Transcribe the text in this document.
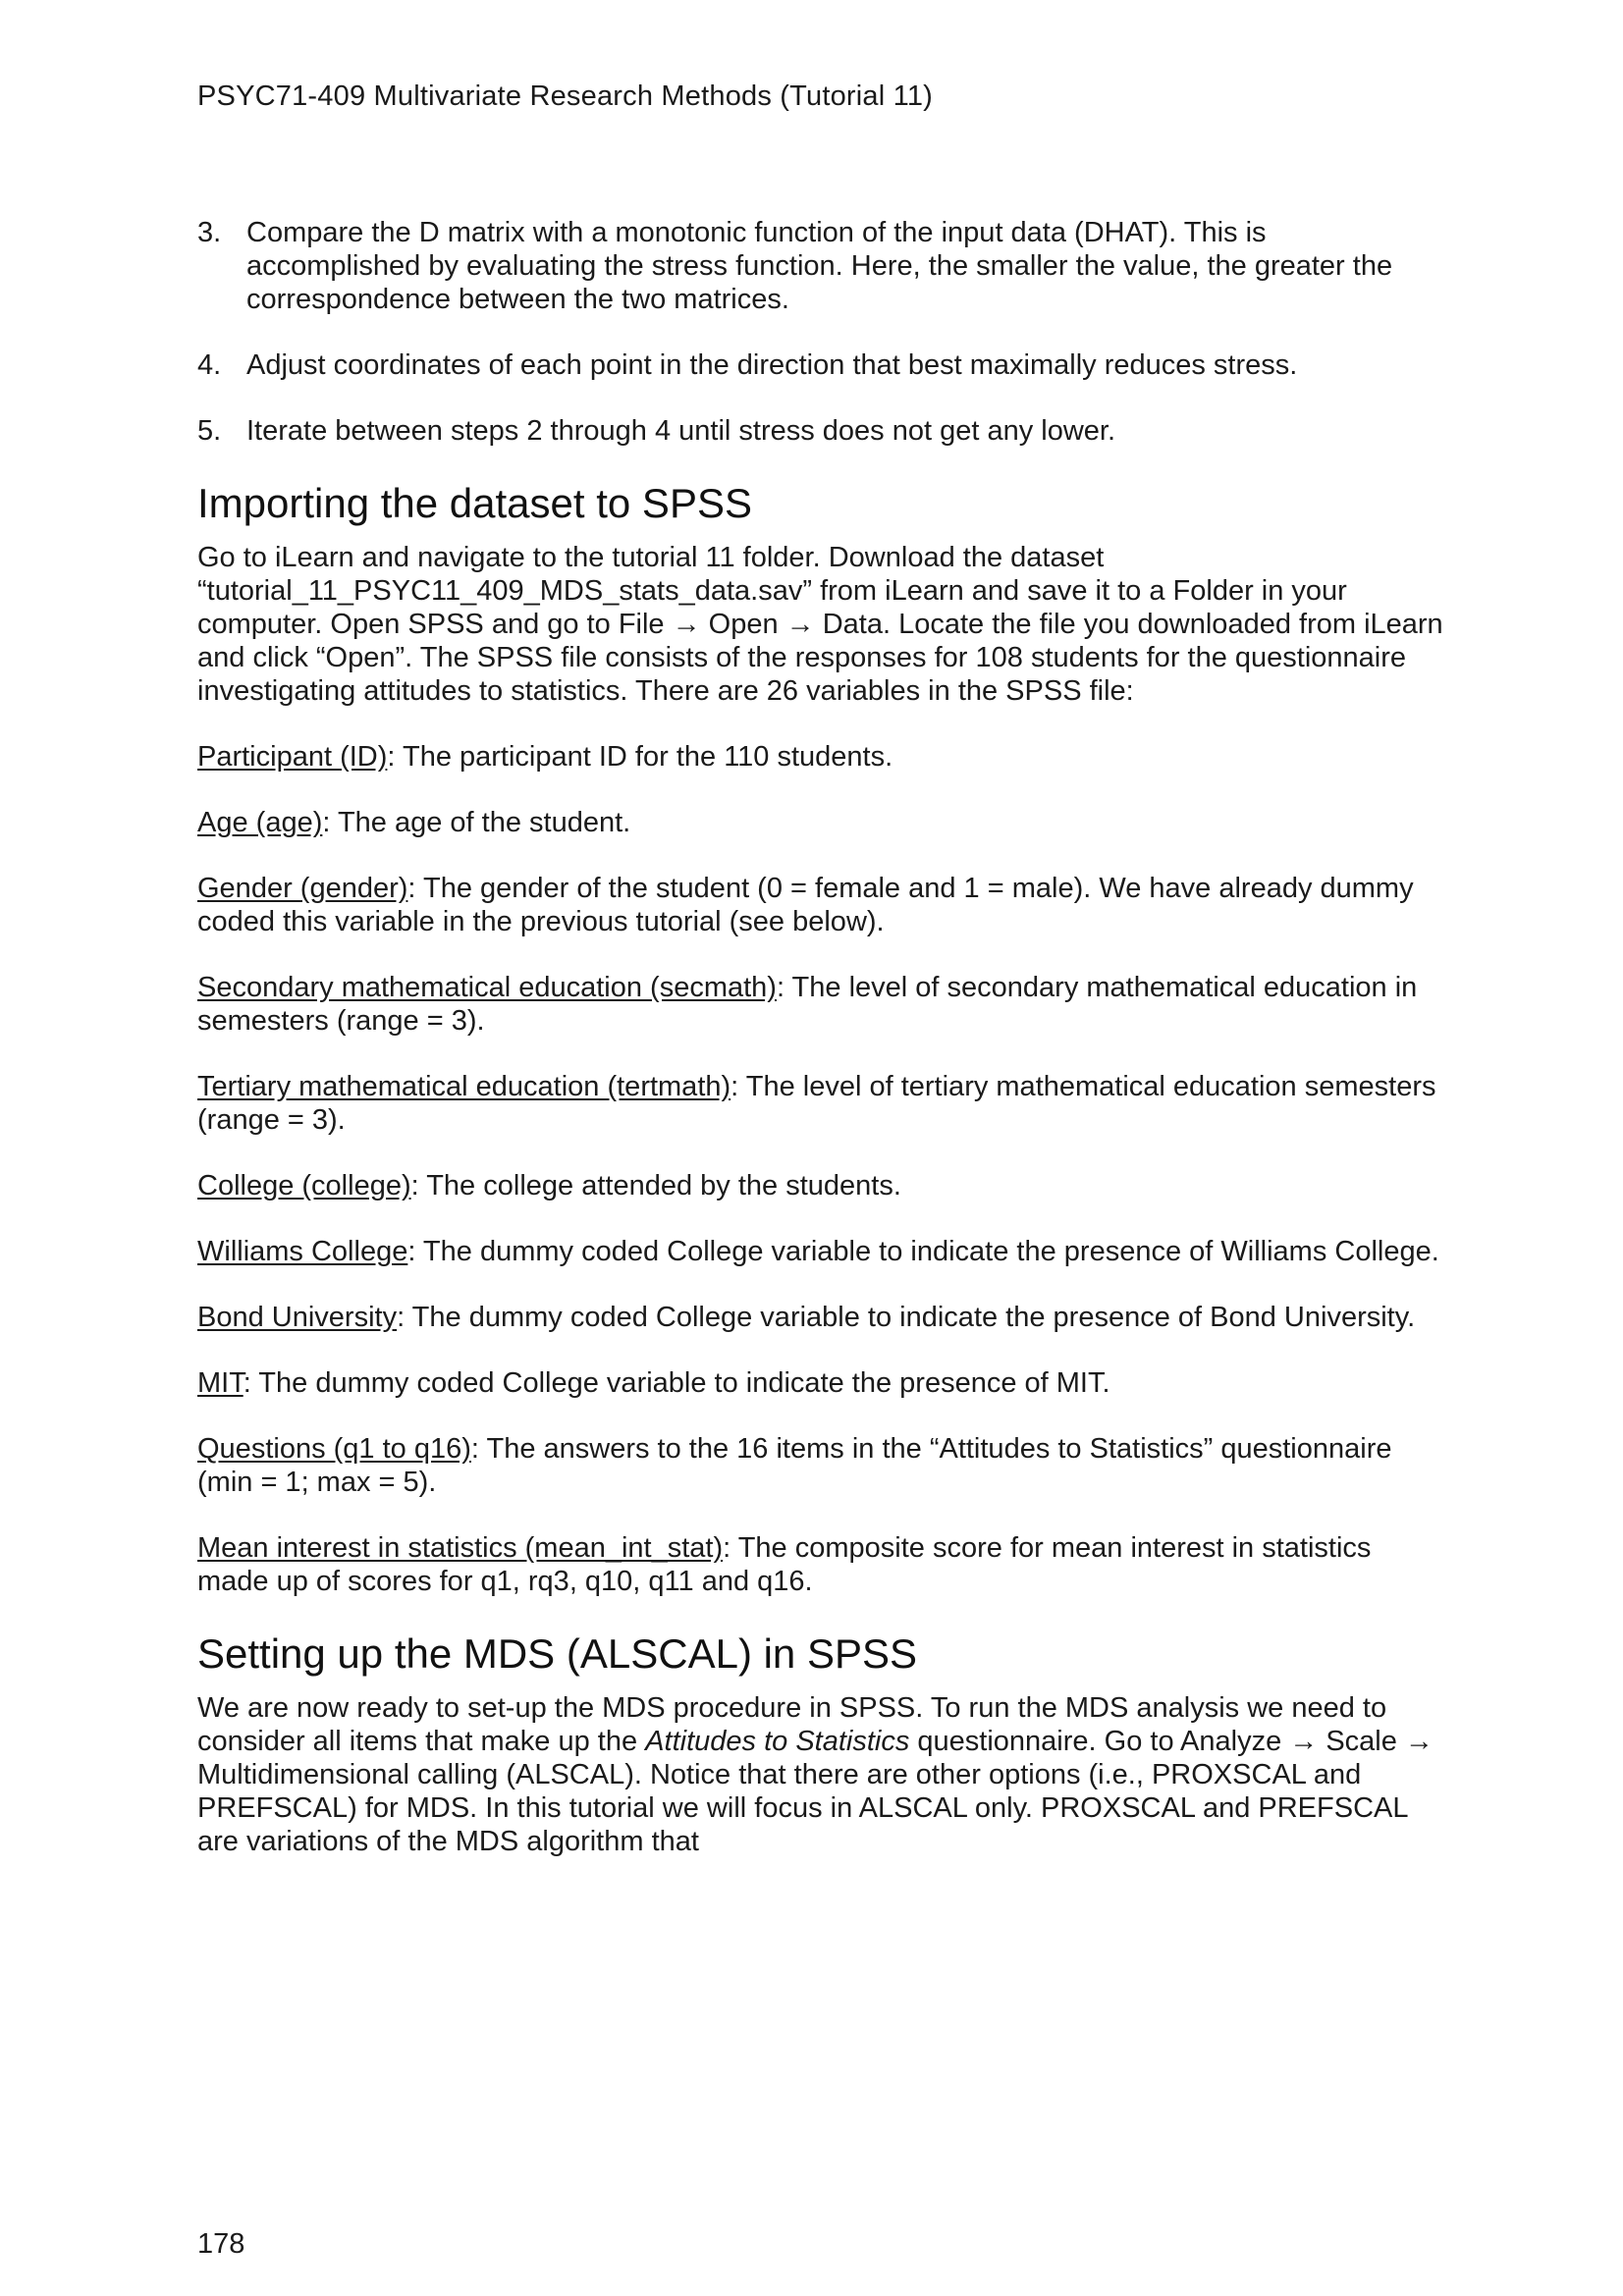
PSYC71-409 Multivariate Research Methods (Tutorial 11)
3. Compare the D matrix with a monotonic function of the input data (DHAT). This is accomplished by evaluating the stress function. Here, the smaller the value, the greater the correspondence between the two matrices.
4. Adjust coordinates of each point in the direction that best maximally reduces stress.
5. Iterate between steps 2 through 4 until stress does not get any lower.
Importing the dataset to SPSS

Go to iLearn and navigate to the tutorial 11 folder. Download the dataset “tutorial_11_PSYC11_409_MDS_stats_data.sav” from iLearn and save it to a Folder in your computer. Open SPSS and go to File → Open → Data. Locate the file you downloaded from iLearn and click “Open”. The SPSS file consists of the responses for 108 students for the questionnaire investigating attitudes to statistics. There are 26 variables in the SPSS file:

Participant (ID): The participant ID for the 110 students.

Age (age): The age of the student.

Gender (gender): The gender of the student (0 = female and 1 = male). We have already dummy coded this variable in the previous tutorial (see below).

Secondary mathematical education (secmath): The level of secondary mathematical education in semesters (range = 3).

Tertiary mathematical education (tertmath): The level of tertiary mathematical education semesters (range = 3).

College (college): The college attended by the students.

Williams College: The dummy coded College variable to indicate the presence of Williams College.

Bond University: The dummy coded College variable to indicate the presence of Bond University.

MIT: The dummy coded College variable to indicate the presence of MIT.

Questions (q1 to q16): The answers to the 16 items in the “Attitudes to Statistics” questionnaire (min = 1; max = 5).

Mean interest in statistics (mean_int_stat): The composite score for mean interest in statistics made up of scores for q1, rq3, q10, q11 and q16.

Setting up the MDS (ALSCAL) in SPSS

We are now ready to set-up the MDS procedure in SPSS. To run the MDS analysis we need to consider all items that make up the Attitudes to Statistics questionnaire. Go to Analyze → Scale → Multidimensional calling (ALSCAL). Notice that there are other options (i.e., PROXSCAL and PREFSCAL) for MDS. In this tutorial we will focus in ALSCAL only. PROXSCAL and PREFSCAL are variations of the MDS algorithm that

178
